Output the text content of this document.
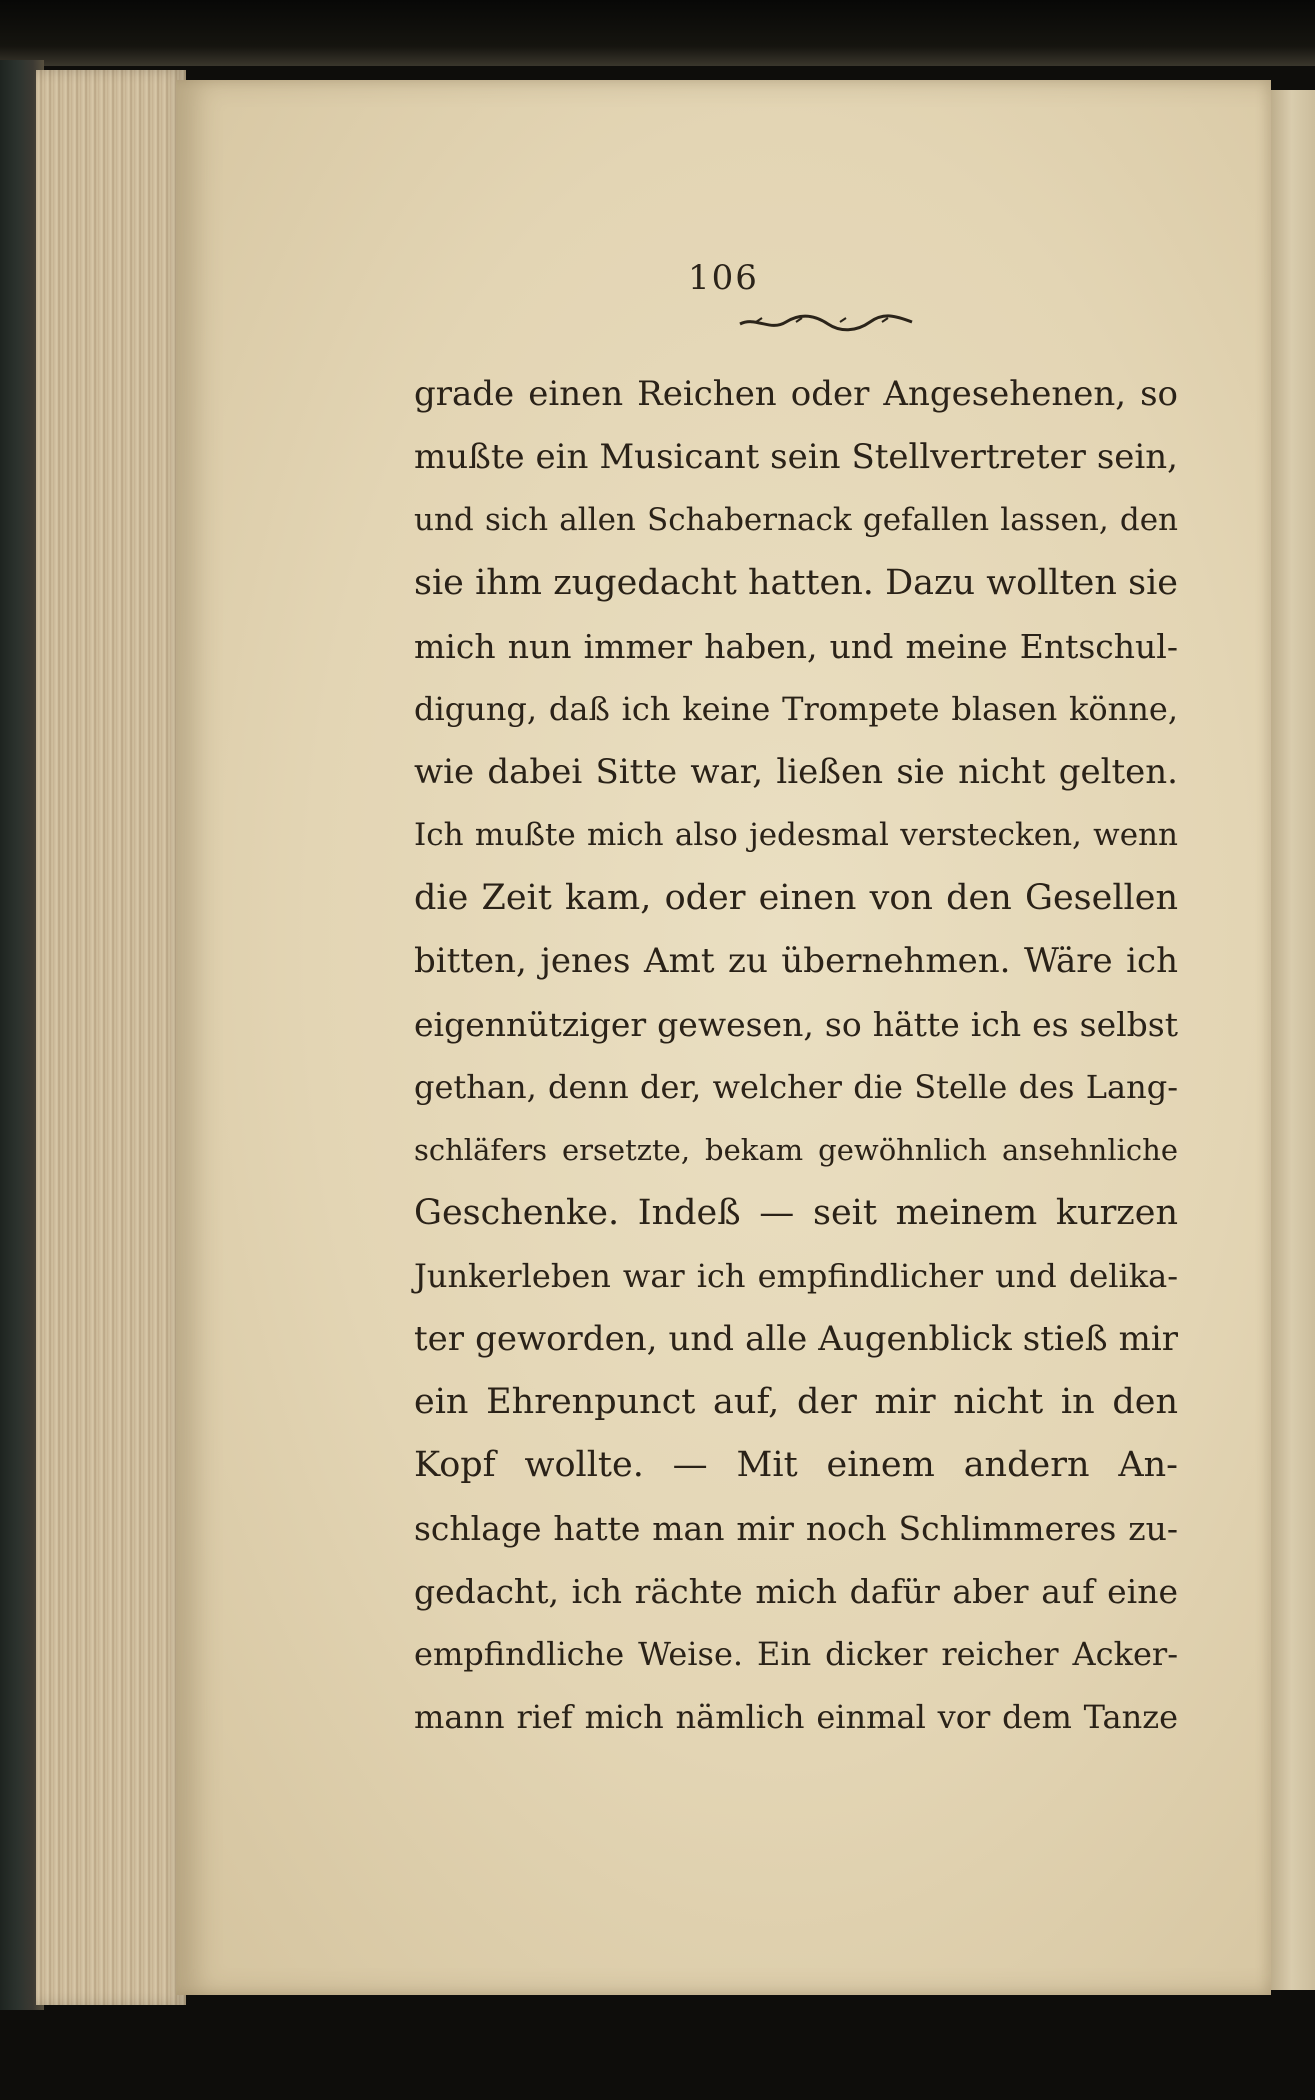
106
grade einen Reichen oder Angesehenen, so
mußte ein Musicant sein Stellvertreter sein,
und sich allen Schabernack gefallen lassen, den
sie ihm zugedacht hatten. Dazu wollten sie
mich nun immer haben, und meine Entschul-
digung, daß ich keine Trompete blasen könne,
wie dabei Sitte war, ließen sie nicht gelten.
Ich mußte mich also jedesmal verstecken, wenn
die Zeit kam, oder einen von den Gesellen
bitten, jenes Amt zu übernehmen. Wäre ich
eigennütziger gewesen, so hätte ich es selbst
gethan, denn der, welcher die Stelle des Lang-
schläfers ersetzte, bekam gewöhnlich ansehnliche
Geschenke. Indeß — seit meinem kurzen
Junkerleben war ich empfindlicher und delika-
ter geworden, und alle Augenblick stieß mir
ein Ehrenpunct auf, der mir nicht in den
Kopf wollte. — Mit einem andern An-
schlage hatte man mir noch Schlimmeres zu-
gedacht, ich rächte mich dafür aber auf eine
empfindliche Weise. Ein dicker reicher Acker-
mann rief mich nämlich einmal vor dem Tanze
